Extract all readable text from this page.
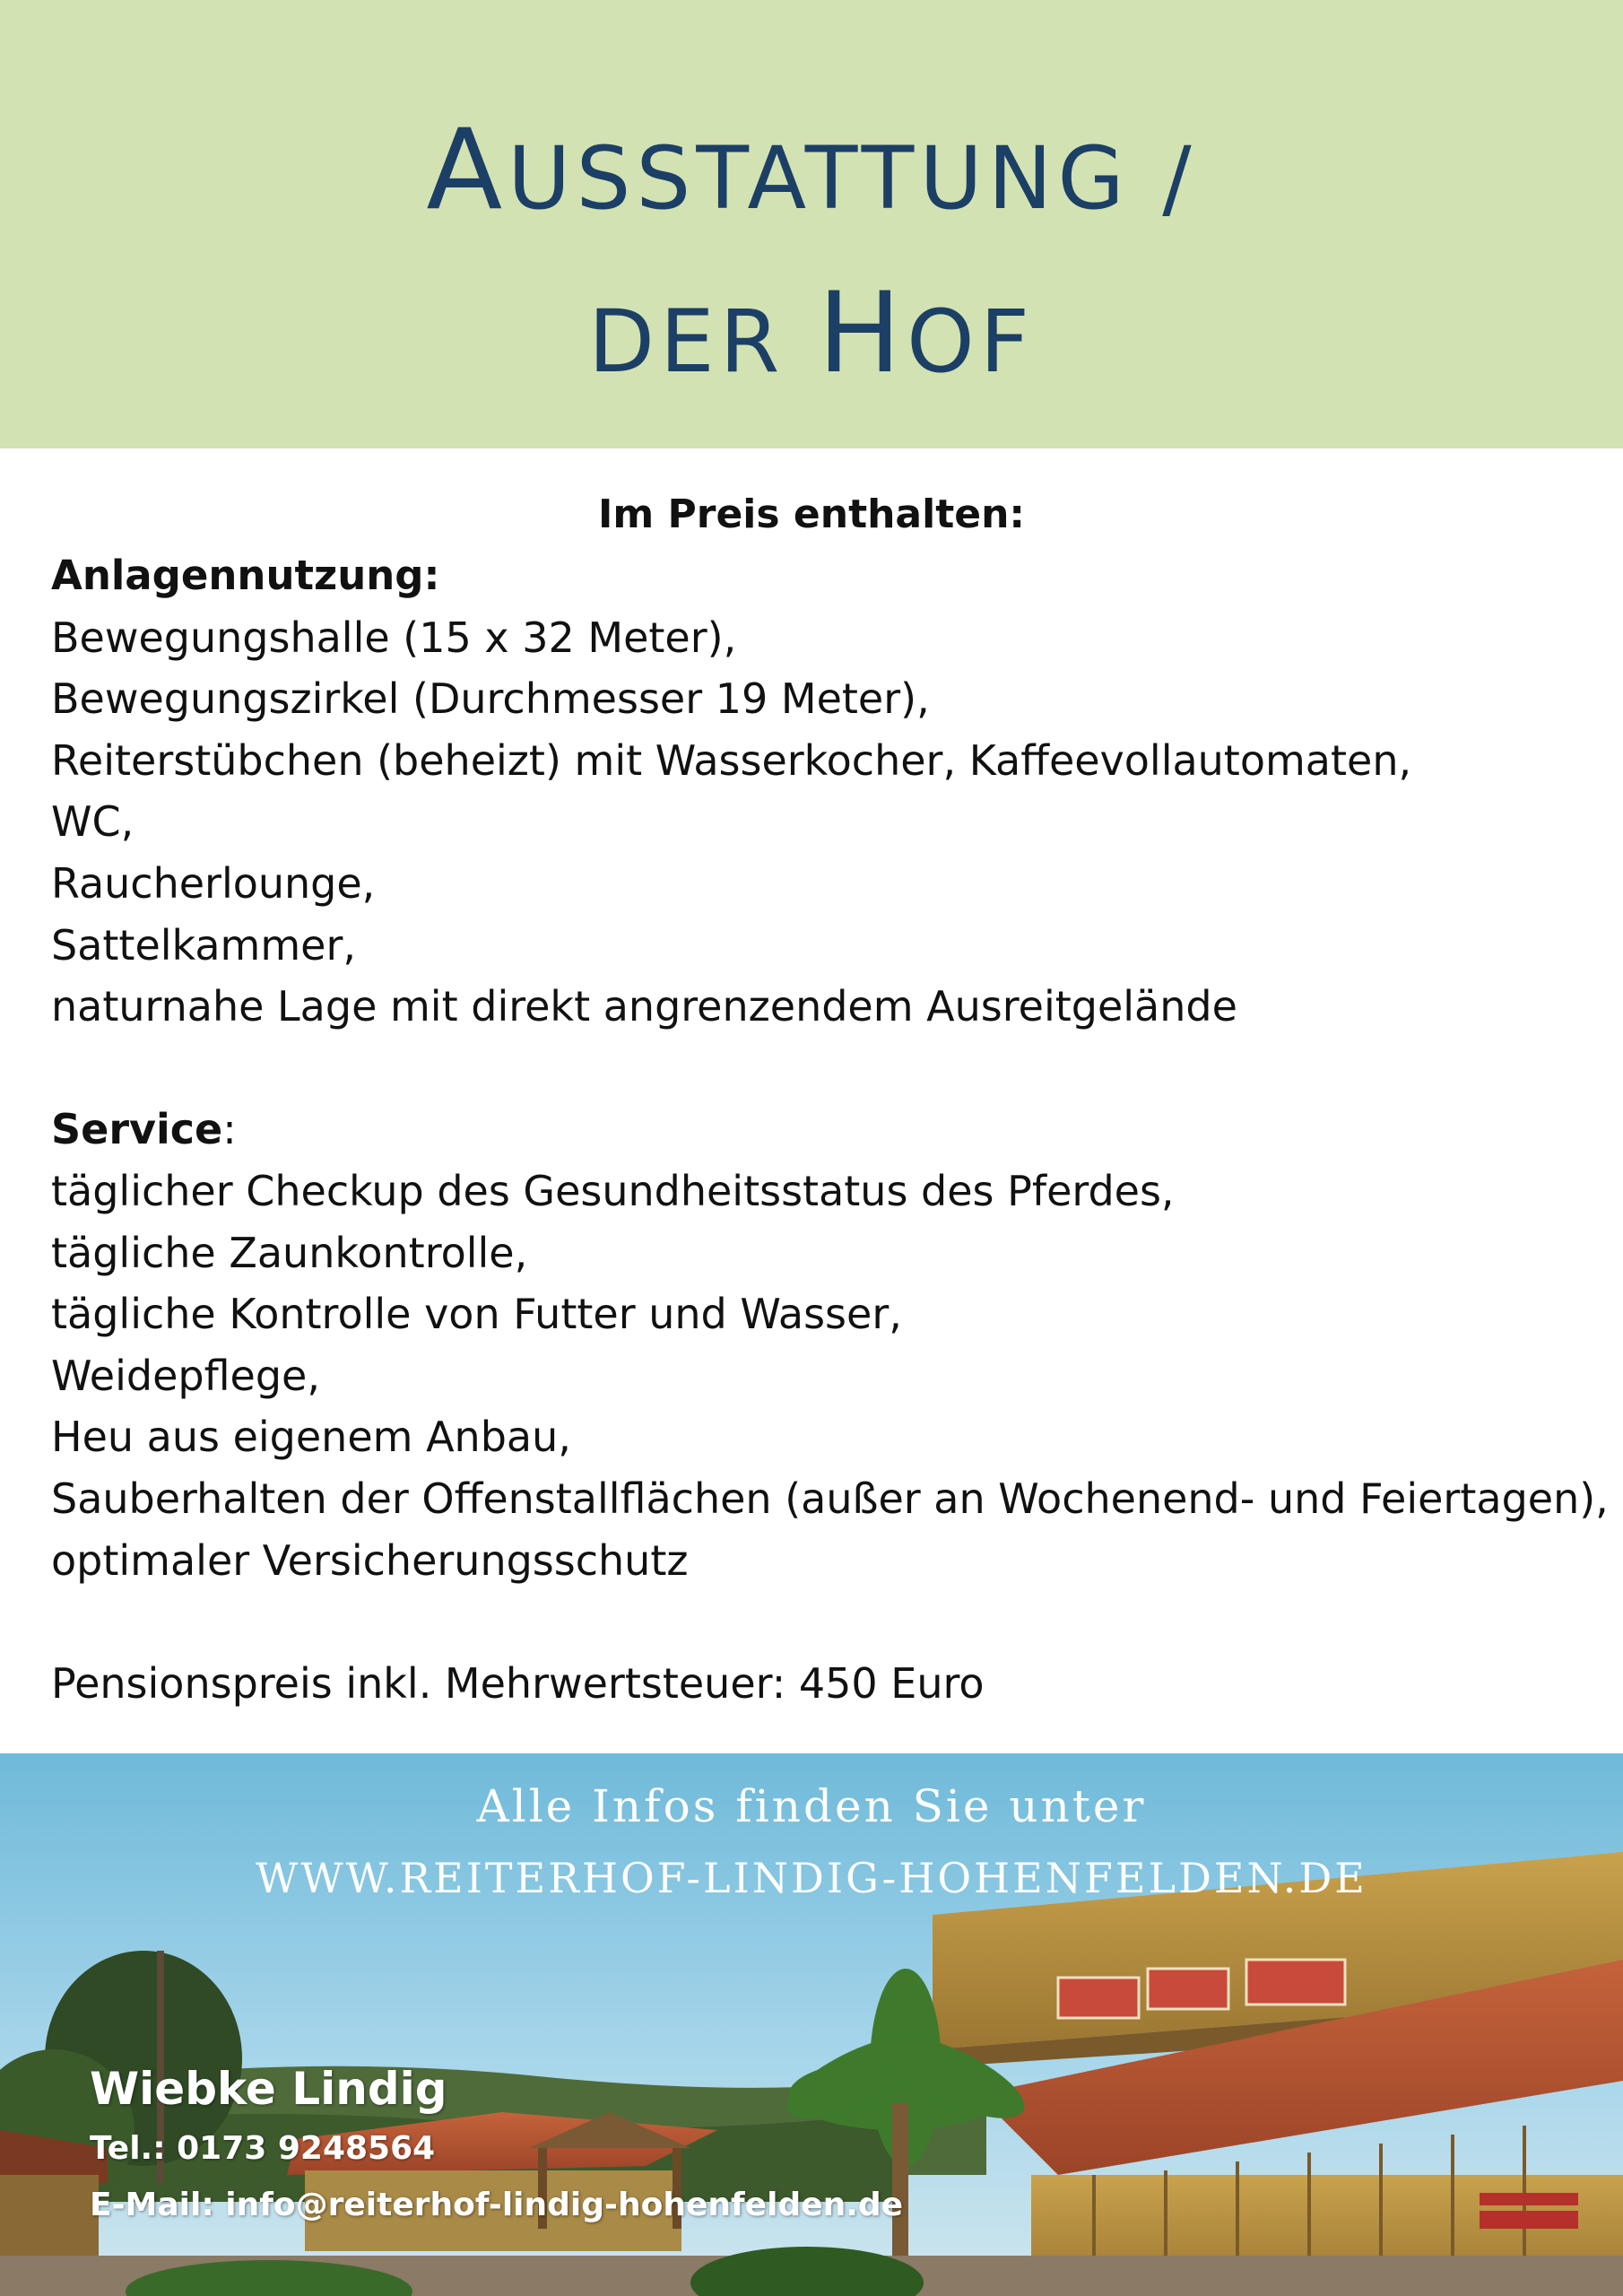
AUSSTATTUNG /
DER HOF
Im Preis enthalten:
Anlagennutzung:
Bewegungshalle (15 x 32 Meter),
Bewegungszirkel (Durchmesser 19 Meter),
Reiterstübchen (beheizt) mit Wasserkocher, Kaffeevollautomaten,
WC,
Raucherlounge,
Sattelkammer,
naturnahe Lage mit direkt angrenzendem Ausreitgelände
Service:
täglicher Checkup des Gesundheitsstatus des Pferdes,
tägliche Zaunkontrolle,
tägliche Kontrolle von Futter und Wasser,
Weidepflege,
Heu aus eigenem Anbau,
Sauberhalten der Offenstallflächen (außer an Wochenend- und Feiertagen),
optimaler Versicherungsschutz
Pensionspreis inkl. Mehrwertsteuer: 450 Euro
Alle Infos finden Sie unter
WWW.REITERHOF-LINDIG-HOHENFELDEN.DE
Wiebke Lindig
Tel.: 0173 9248564
E-Mail: info@reiterhof-lindig-hohenfelden.de
